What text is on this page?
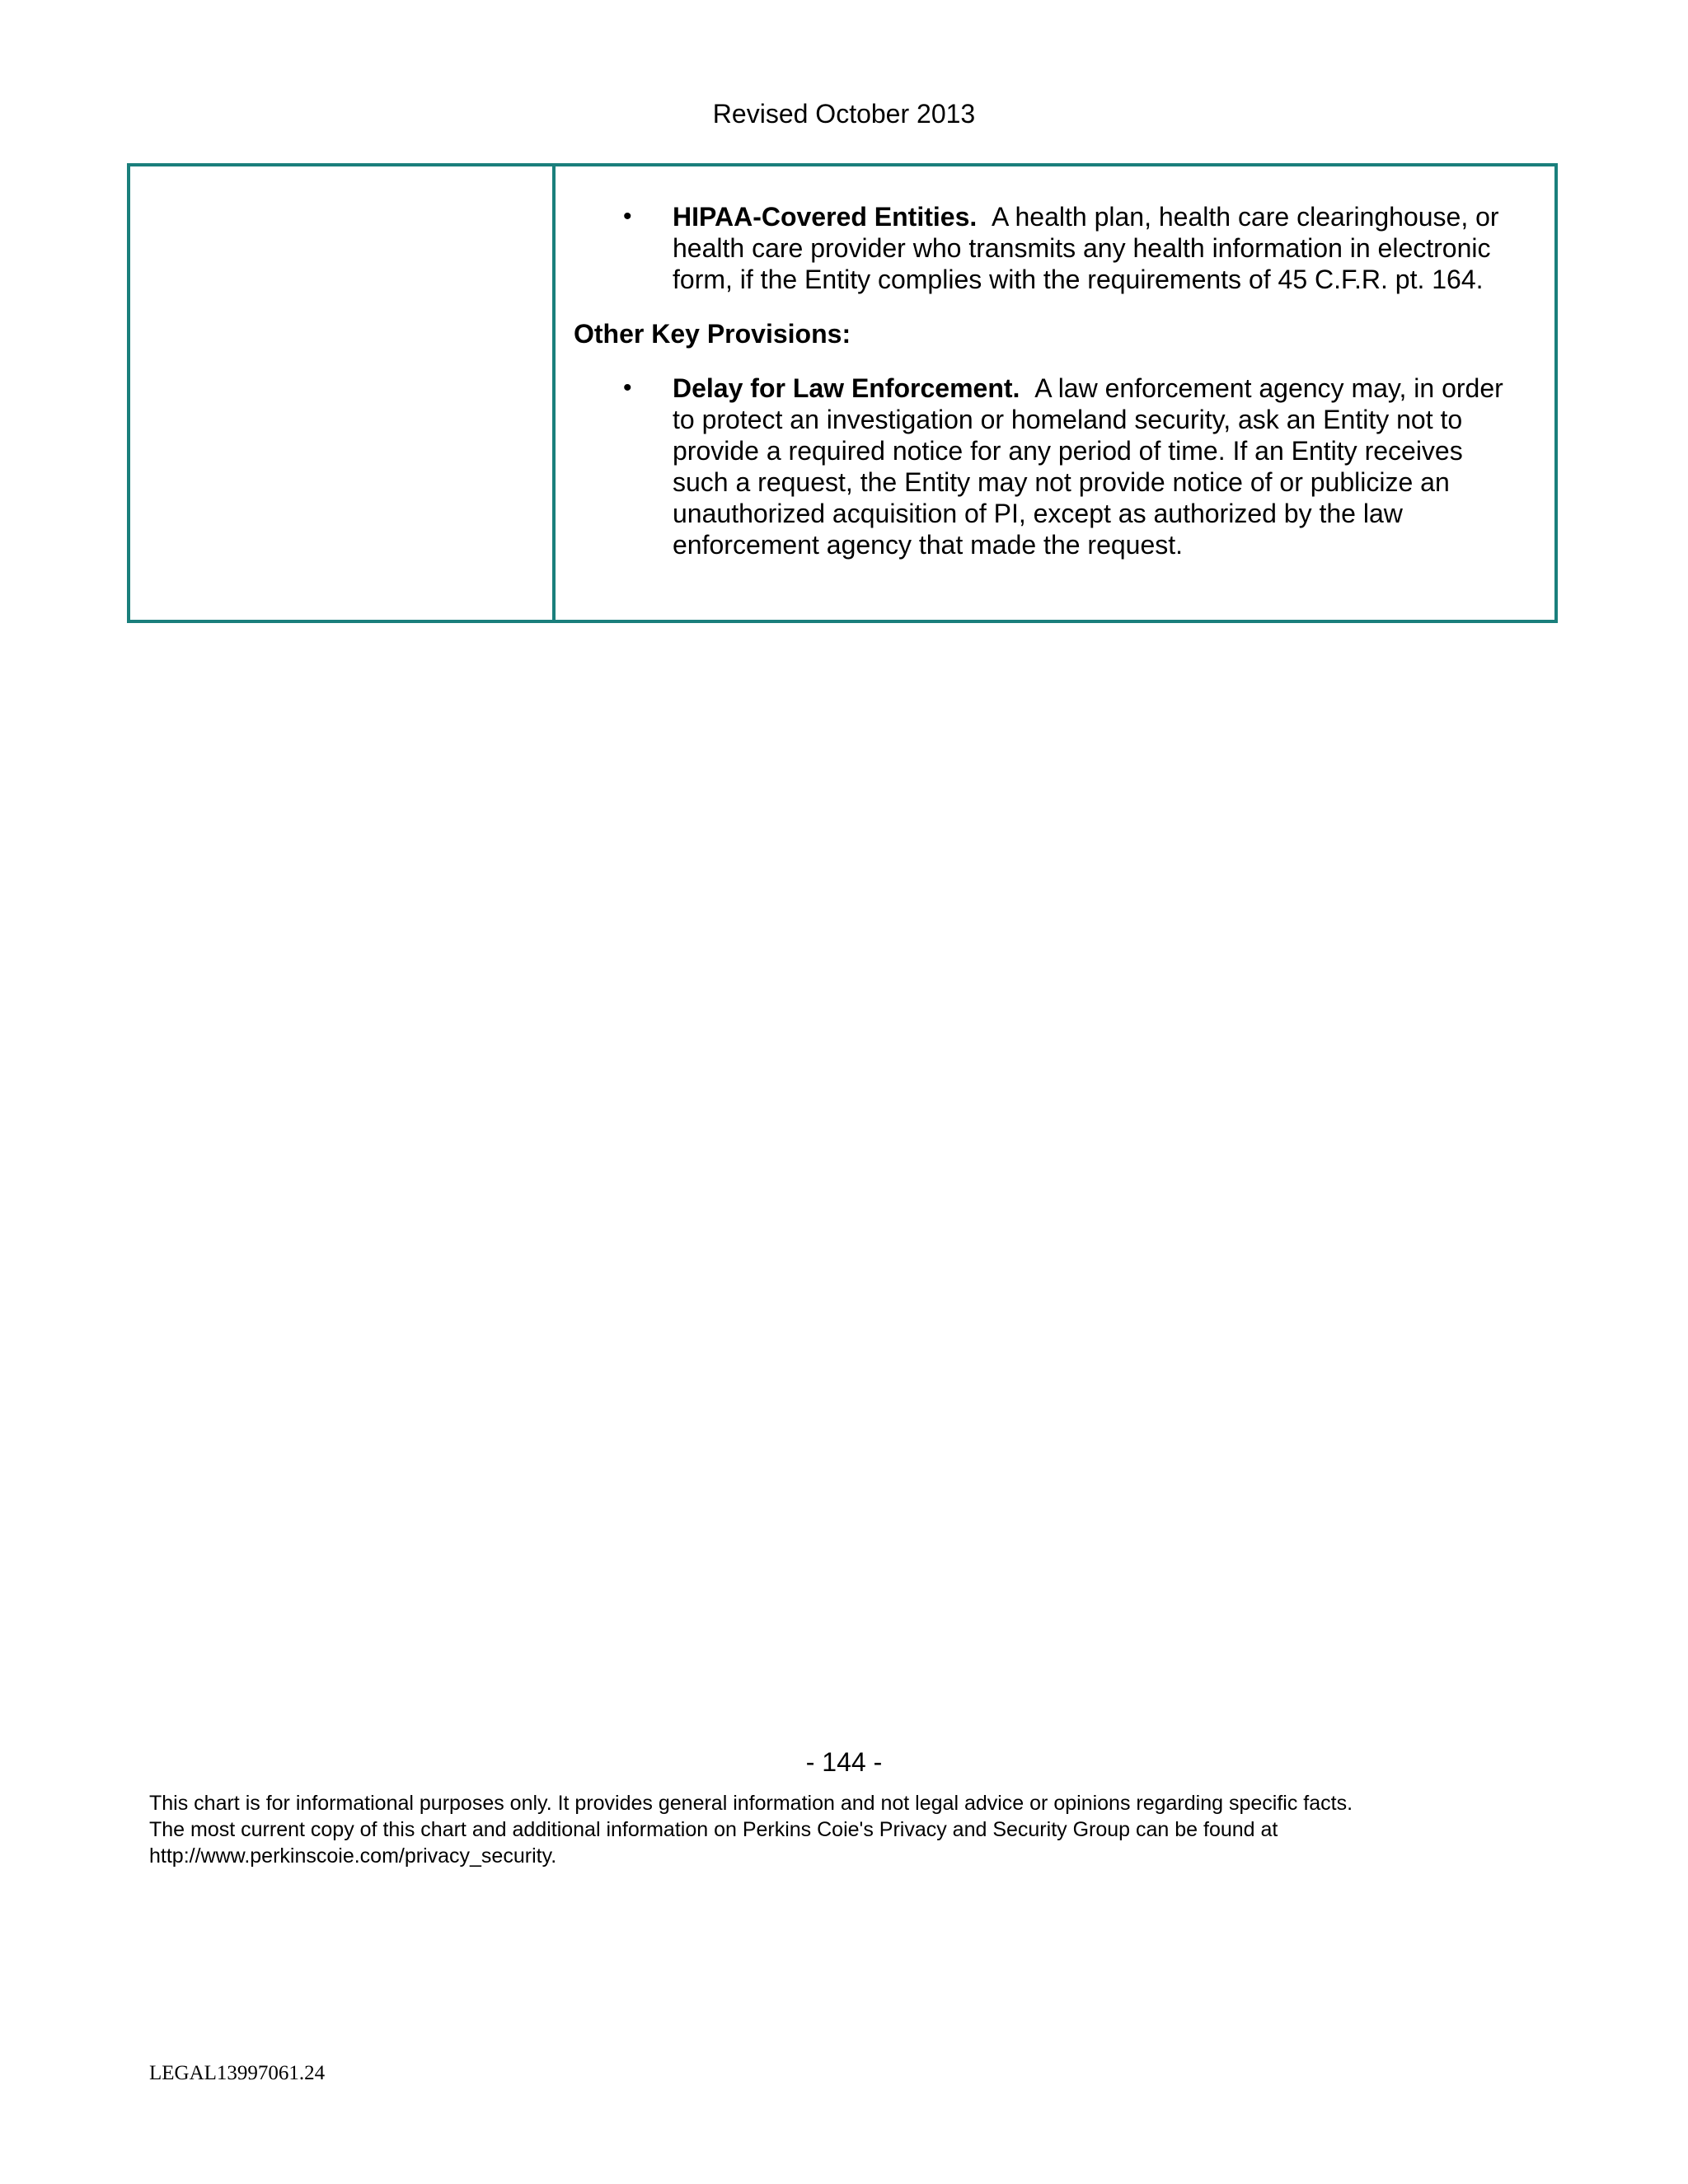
Revised October 2013
•	HIPAA-Covered Entities. A health plan, health care clearinghouse, or health care provider who transmits any health information in electronic form, if the Entity complies with the requirements of 45 C.F.R. pt. 164.
Other Key Provisions:
•	Delay for Law Enforcement. A law enforcement agency may, in order to protect an investigation or homeland security, ask an Entity not to provide a required notice for any period of time. If an Entity receives such a request, the Entity may not provide notice of or publicize an unauthorized acquisition of PI, except as authorized by the law enforcement agency that made the request.
- 144 -
This chart is for informational purposes only. It provides general information and not legal advice or opinions regarding specific facts.
The most current copy of this chart and additional information on Perkins Coie's Privacy and Security Group can be found at
http://www.perkinscoie.com/privacy_security.
LEGAL13997061.24
